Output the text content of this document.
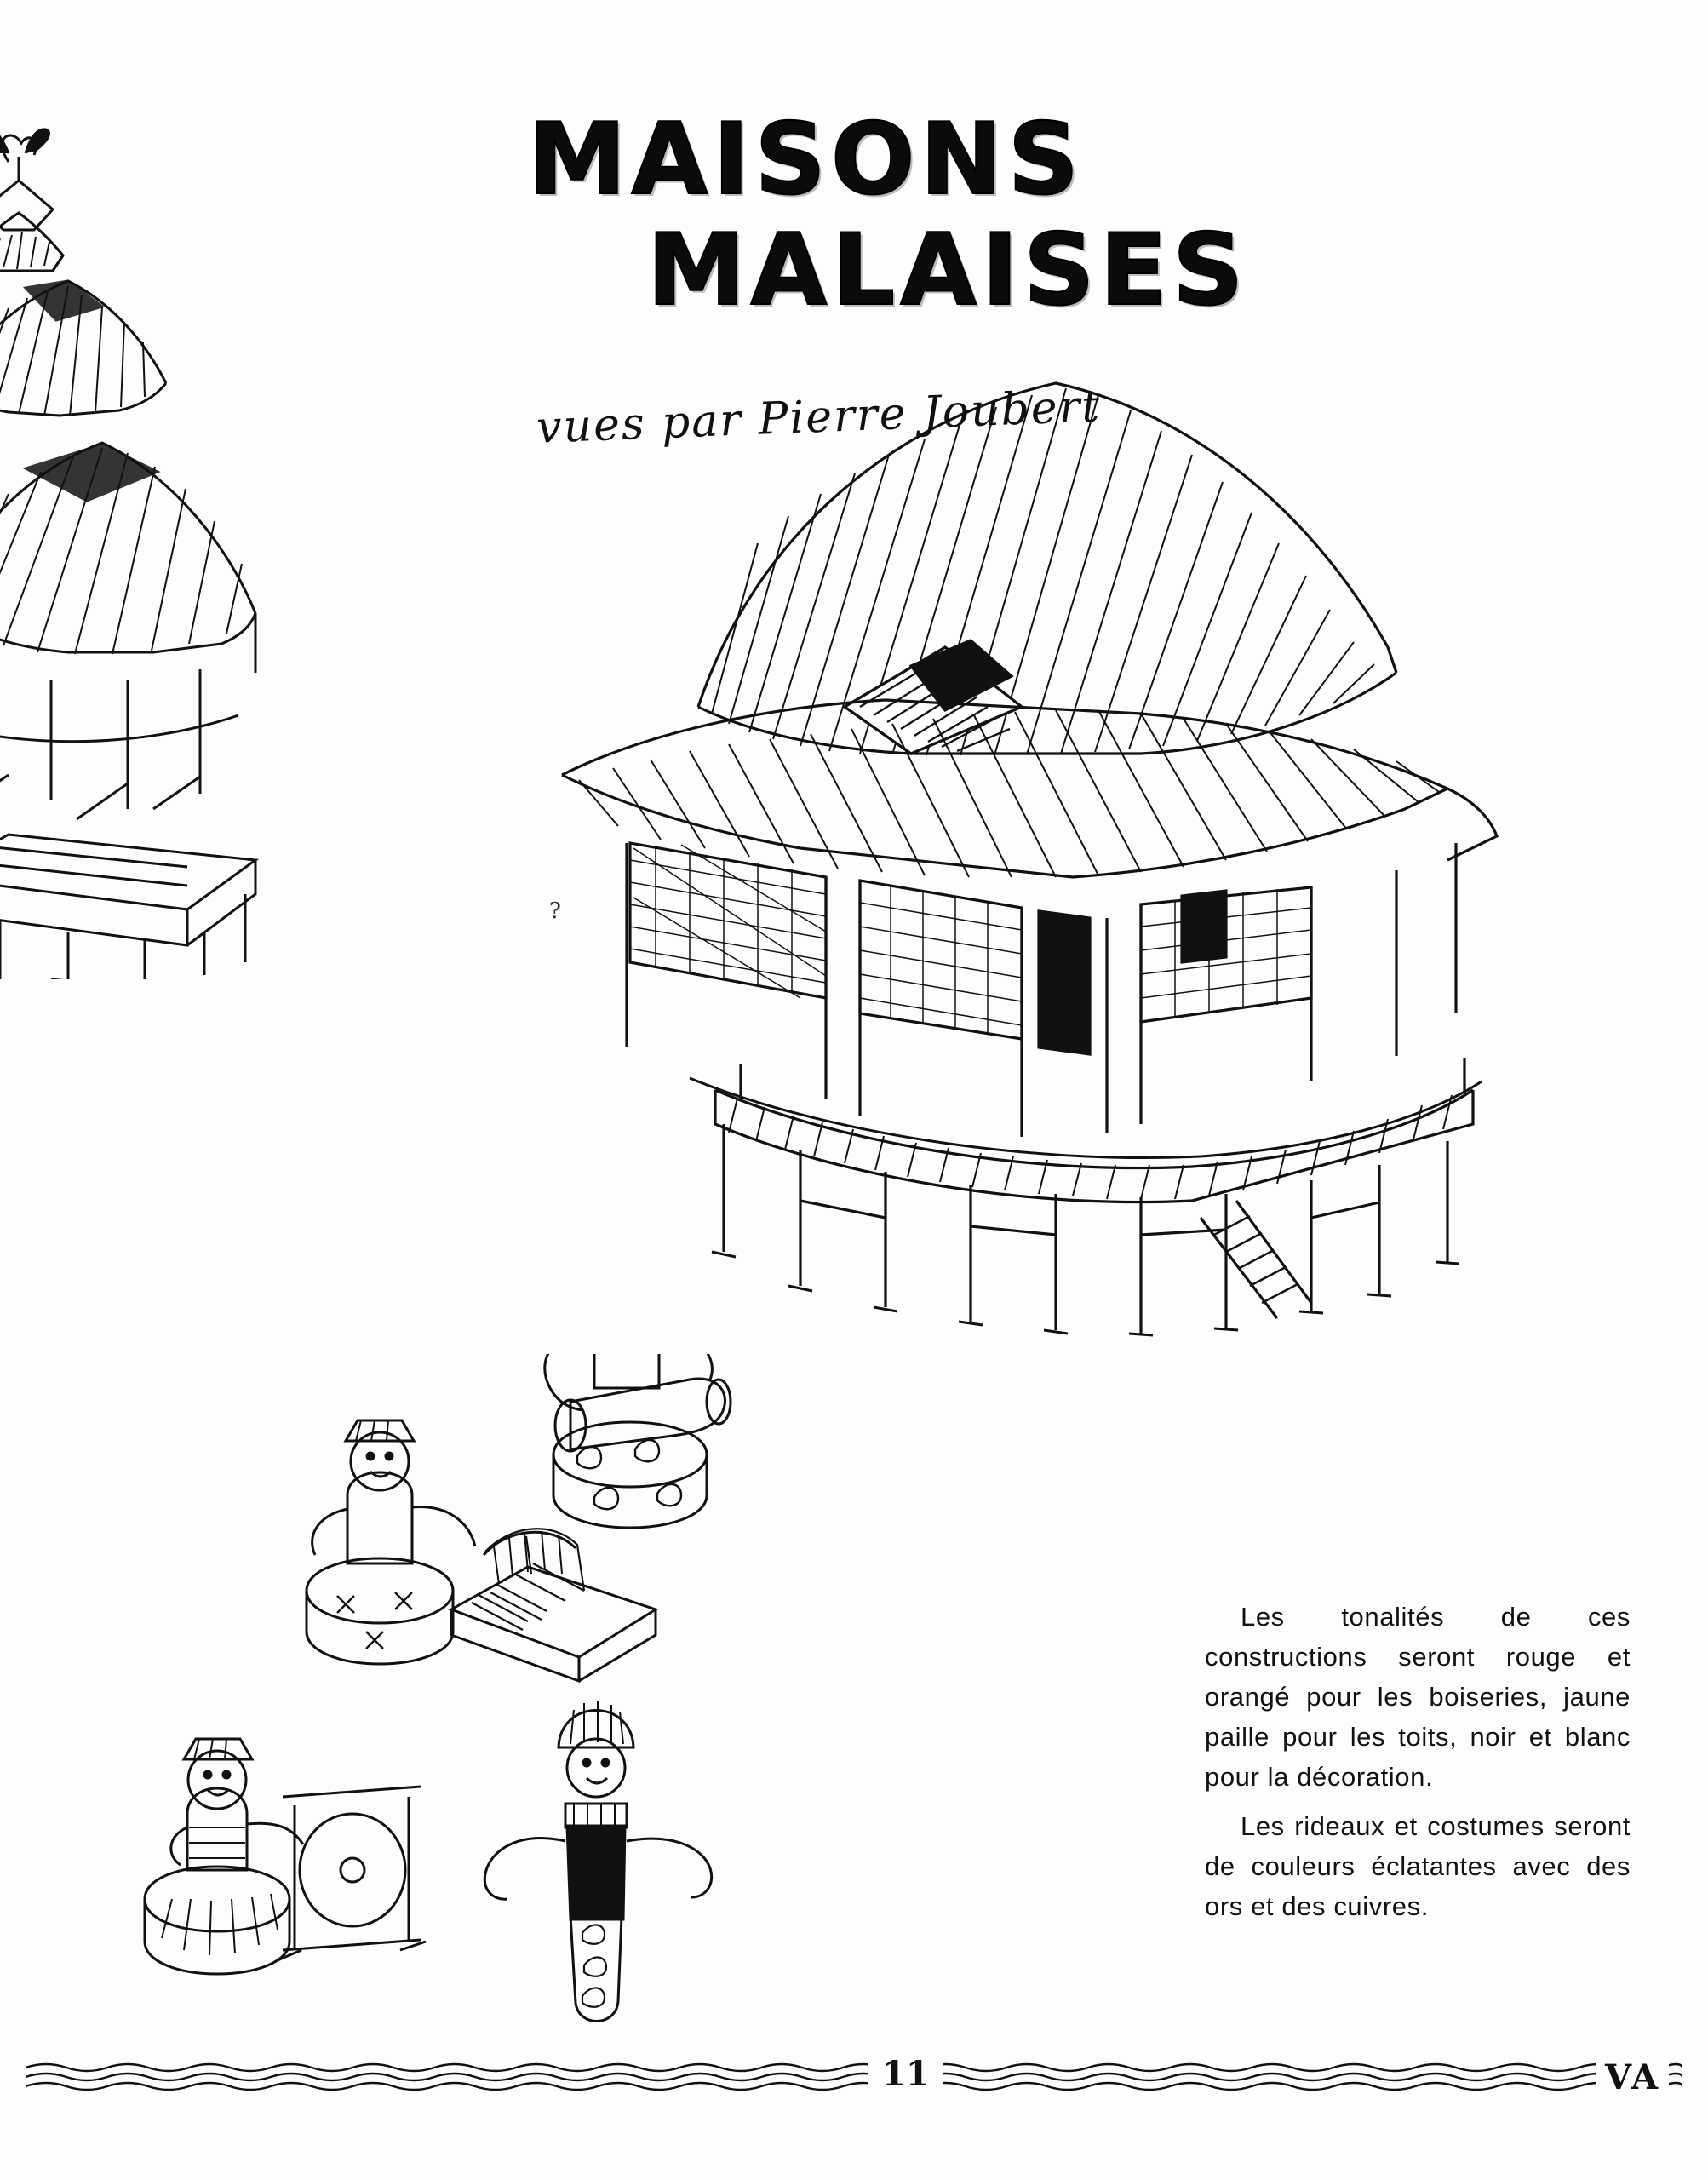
MAISONS
MALAISES
vues par Pierre Joubert
?

Les tonalités de ces constructions seront rouge et orangé pour les boiseries, jaune paille pour les toits, noir et blanc pour la décoration.

Les rideaux et costumes seront de couleurs éclatantes avec des ors et des cuivres.

11	VA
